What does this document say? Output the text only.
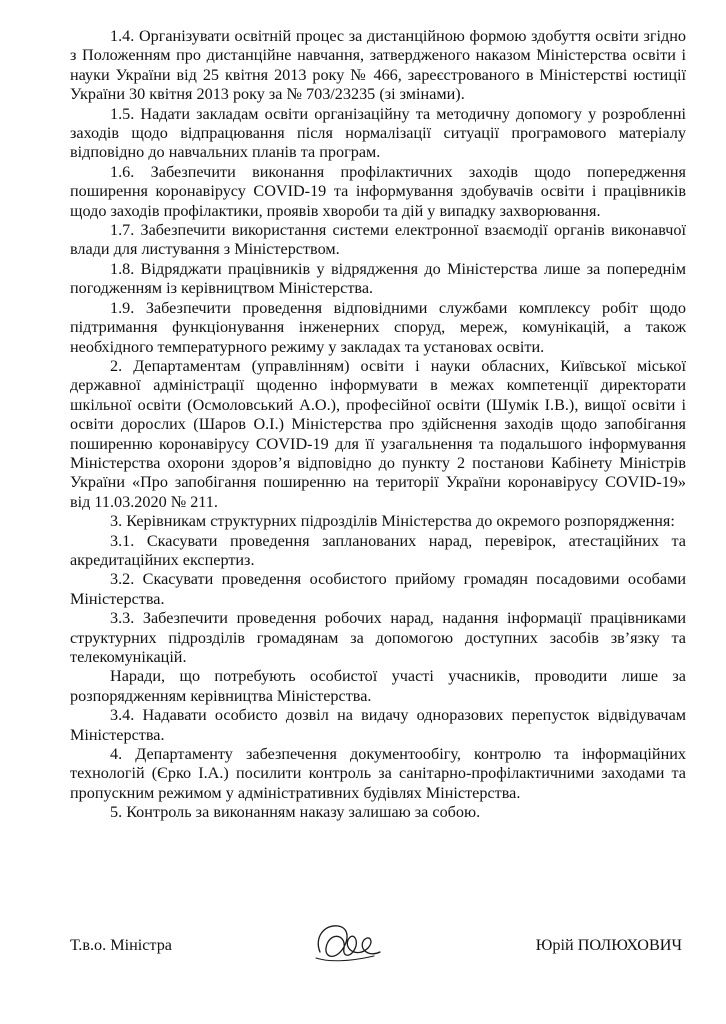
1.4. Організувати освітній процес за дистанційною формою здобуття освіти згідно з Положенням про дистанційне навчання, затвердженого наказом Міністерства освіти і науки України від 25 квітня 2013 року № 466, зареєстрованого в Міністерстві юстиції України 30 квітня 2013 року за № 703/23235 (зі змінами).

1.5. Надати закладам освіти організаційну та методичну допомогу у розробленні заходів щодо відпрацювання після нормалізації ситуації програмового матеріалу відповідно до навчальних планів та програм.

1.6. Забезпечити виконання профілактичних заходів щодо попередження поширення коронавірусу COVID-19 та інформування здобувачів освіти і працівників щодо заходів профілактики, проявів хвороби та дій у випадку захворювання.

1.7. Забезпечити використання системи електронної взаємодії органів виконавчої влади для листування з Міністерством.

1.8. Відряджати працівників у відрядження до Міністерства лише за попереднім погодженням із керівництвом Міністерства.

1.9. Забезпечити проведення відповідними службами комплексу робіт щодо підтримання функціонування інженерних споруд, мереж, комунікацій, а також необхідного температурного режиму у закладах та установах освіти.

2. Департаментам (управлінням) освіти і науки обласних, Київської міської державної адміністрації щоденно інформувати в межах компетенції директорати шкільної освіти (Осмоловський А.О.), професійної освіти (Шумік І.В.), вищої освіти і освіти дорослих (Шаров О.І.) Міністерства про здійснення заходів щодо запобігання поширенню коронавірусу COVID-19 для її узагальнення та подальшого інформування Міністерства охорони здоров’я відповідно до пункту 2 постанови Кабінету Міністрів України «Про запобігання поширенню на території України коронавірусу COVID-19» від 11.03.2020 № 211.

3. Керівникам структурних підрозділів Міністерства до окремого розпорядження:

3.1. Скасувати проведення запланованих нарад, перевірок, атестаційних та акредитаційних експертиз.

3.2. Скасувати проведення особистого прийому громадян посадовими особами Міністерства.

3.3. Забезпечити проведення робочих нарад, надання інформації працівниками структурних підрозділів громадянам за допомогою доступних засобів зв’язку та телекомунікацій.

Наради, що потребують особистої участі учасників, проводити лише за розпорядженням керівництва Міністерства.

3.4. Надавати особисто дозвіл на видачу одноразових перепусток відвідувачам Міністерства.

4. Департаменту забезпечення документообігу, контролю та інформаційних технологій (Єрко І.А.) посилити контроль за санітарно-профілактичними заходами та пропускним режимом у адміністративних будівлях Міністерства.

5. Контроль за виконанням наказу залишаю за собою.

Т.в.о. Міністра	Юрій ПОЛЮХОВИЧ
